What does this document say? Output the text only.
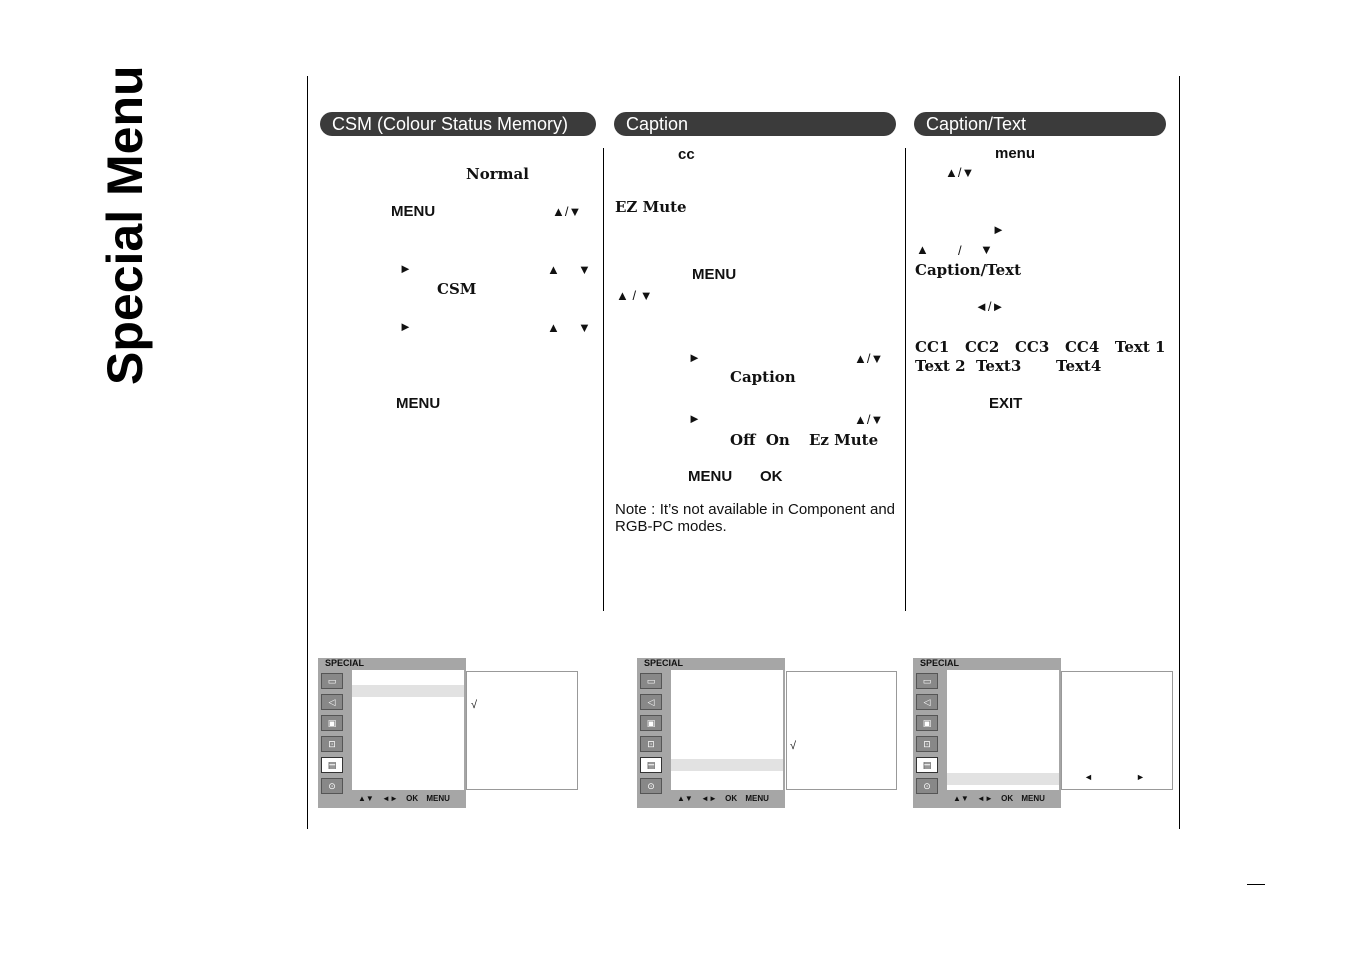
Special Menu	CSM (Colour Status Memory)	Caption	Caption/Text
Normal
MENU	▲/▼
►	▲ ▼
CSM
►	▲ ▼
MENU
cc
EZ Mute
MENU
▲ / ▼
►	▲/▼
Caption
►	▲/▼
Off  On Ez Mute
MENU OK
Note : It’s not available in Component and RGB-PC modes.
menu
▲/▼
►
▲ / ▼
Caption/Text
◄/►
CC1   CC2   CC3   CC4   Text 1
Text 2  Text3 Text4
EXIT
SPECIAL
▭
◁
▣
⊡
▤
⊙
▲▼ ◄► OK MENU
√
SPECIAL
▭
◁
▣
⊡
▤
⊙
▲▼ ◄► OK MENU
√
SPECIAL
▭
◁
▣
⊡
▤
⊙
▲▼ ◄► OK MENU
◄	►
